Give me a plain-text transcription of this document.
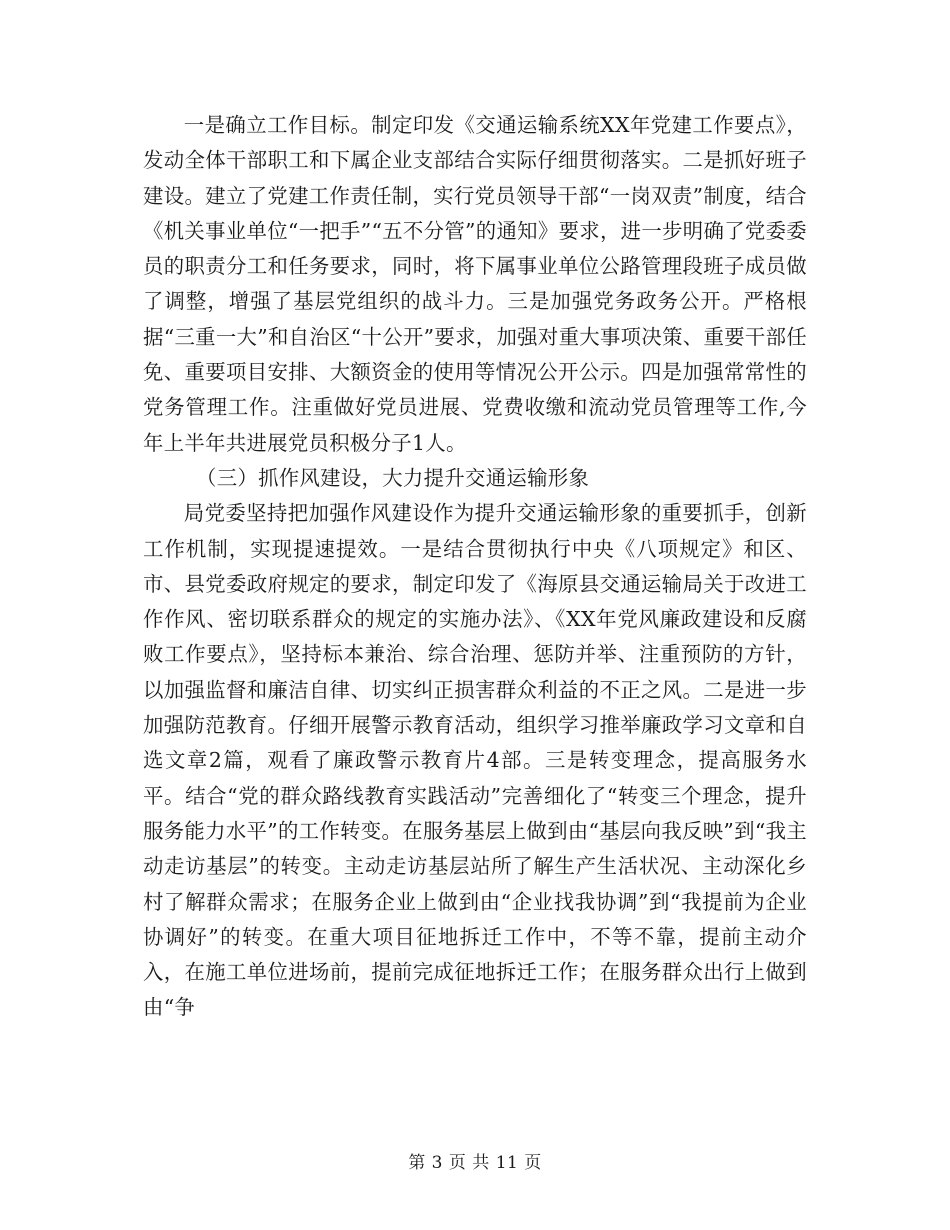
一是确立工作目标。制定印发《交通运输系统XX年党建工作要点》，发动全体干部职工和下属企业支部结合实际仔细贯彻落实。二是抓好班子建设。建立了党建工作责任制，实行党员领导干部“一岗双责”制度，结合《机关事业单位“一把手”“五不分管”的通知》要求，进一步明确了党委委员的职责分工和任务要求，同时，将下属事业单位公路管理段班子成员做了调整，增强了基层党组织的战斗力。三是加强党务政务公开。严格根据“三重一大”和自治区“十公开”要求，加强对重大事项决策、重要干部任免、重要项目安排、大额资金的使用等情况公开公示。四是加强常常性的党务管理工作。注重做好党员进展、党费收缴和流动党员管理等工作,今年上半年共进展党员积极分子1人。

（三）抓作风建设，大力提升交通运输形象

局党委坚持把加强作风建设作为提升交通运输形象的重要抓手，创新工作机制，实现提速提效。一是结合贯彻执行中央《八项规定》和区、市、县党委政府规定的要求，制定印发了《海原县交通运输局关于改进工作作风、密切联系群众的规定的实施办法》、《XX年党风廉政建设和反腐败工作要点》，坚持标本兼治、综合治理、惩防并举、注重预防的方针，以加强监督和廉洁自律、切实纠正损害群众利益的不正之风。二是进一步加强防范教育。仔细开展警示教育活动，组织学习推举廉政学习文章和自选文章2篇，观看了廉政警示教育片4部。三是转变理念，提高服务水平。结合“党的群众路线教育实践活动”完善细化了“转变三个理念，提升服务能力水平”的工作转变。在服务基层上做到由“基层向我反映”到“我主动走访基层”的转变。主动走访基层站所了解生产生活状况、主动深化乡村了解群众需求；在服务企业上做到由“企业找我协调”到“我提前为企业协调好”的转变。在重大项目征地拆迁工作中，不等不靠，提前主动介入，在施工单位进场前，提前完成征地拆迁工作；在服务群众出行上做到由“争

第 3 页 共 11 页
